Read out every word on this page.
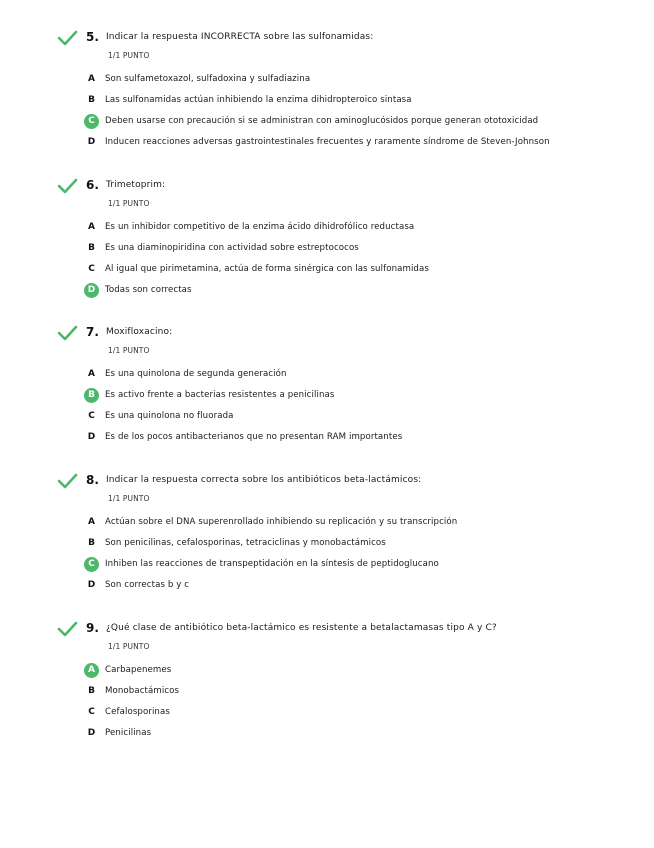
5. Indicar la respuesta INCORRECTA sobre las sulfonamidas:
1/1 PUNTO
A	Son sulfametoxazol, sulfadoxina y sulfadiazina
B	Las sulfonamidas actúan inhibiendo la enzima dihidropteroico sintasa
C	Deben usarse con precaución si se administran con aminoglucósidos porque generan ototoxicidad
D	Inducen reacciones adversas gastrointestinales frecuentes y raramente síndrome de Steven-Johnson
6. Trimetoprim:
1/1 PUNTO
A	Es un inhibidor competitivo de la enzima ácido dihidrofólico reductasa
B	Es una diaminopiridina con actividad sobre estreptococos
C	Al igual que pirimetamina, actúa de forma sinérgica con las sulfonamidas
D	Todas son correctas
7. Moxifloxacino:
1/1 PUNTO
A	Es una quinolona de segunda generación
B	Es activo frente a bacterias resistentes a penicilinas
C	Es una quinolona no fluorada
D	Es de los pocos antibacterianos que no presentan RAM importantes
8. Indicar la respuesta correcta sobre los antibióticos beta-lactámicos:
1/1 PUNTO
A	Actúan sobre el DNA superenrollado inhibiendo su replicación y su transcripción
B	Son penicilinas, cefalosporinas, tetraciclinas y monobactámicos
C	Inhiben las reacciones de transpeptidación en la síntesis de peptidoglucano
D	Son correctas b y c
9. ¿Qué clase de antibiótico beta-lactámico es resistente a betalactamasas tipo A y C?
1/1 PUNTO
A	Carbapenemes
B	Monobactámicos
C	Cefalosporinas
D	Penicilinas
